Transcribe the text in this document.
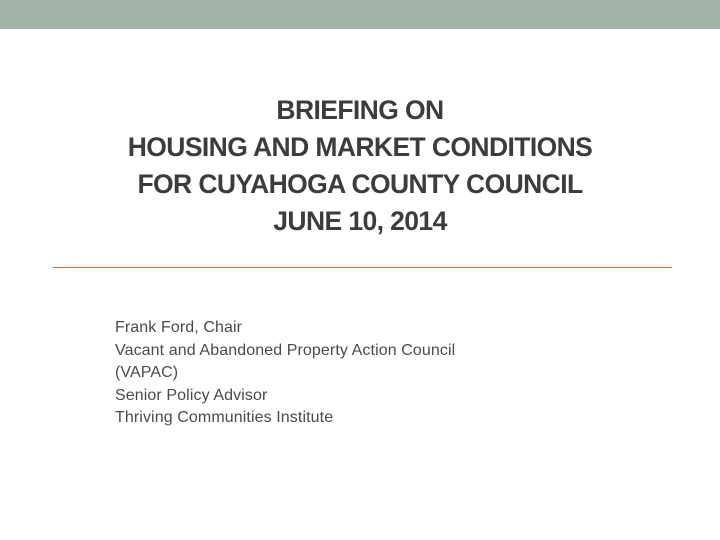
BRIEFING ON
HOUSING AND MARKET CONDITIONS
FOR CUYAHOGA COUNTY COUNCIL
JUNE 10, 2014
Frank Ford, Chair
Vacant and Abandoned Property Action Council
(VAPAC)
Senior Policy Advisor
Thriving Communities Institute
